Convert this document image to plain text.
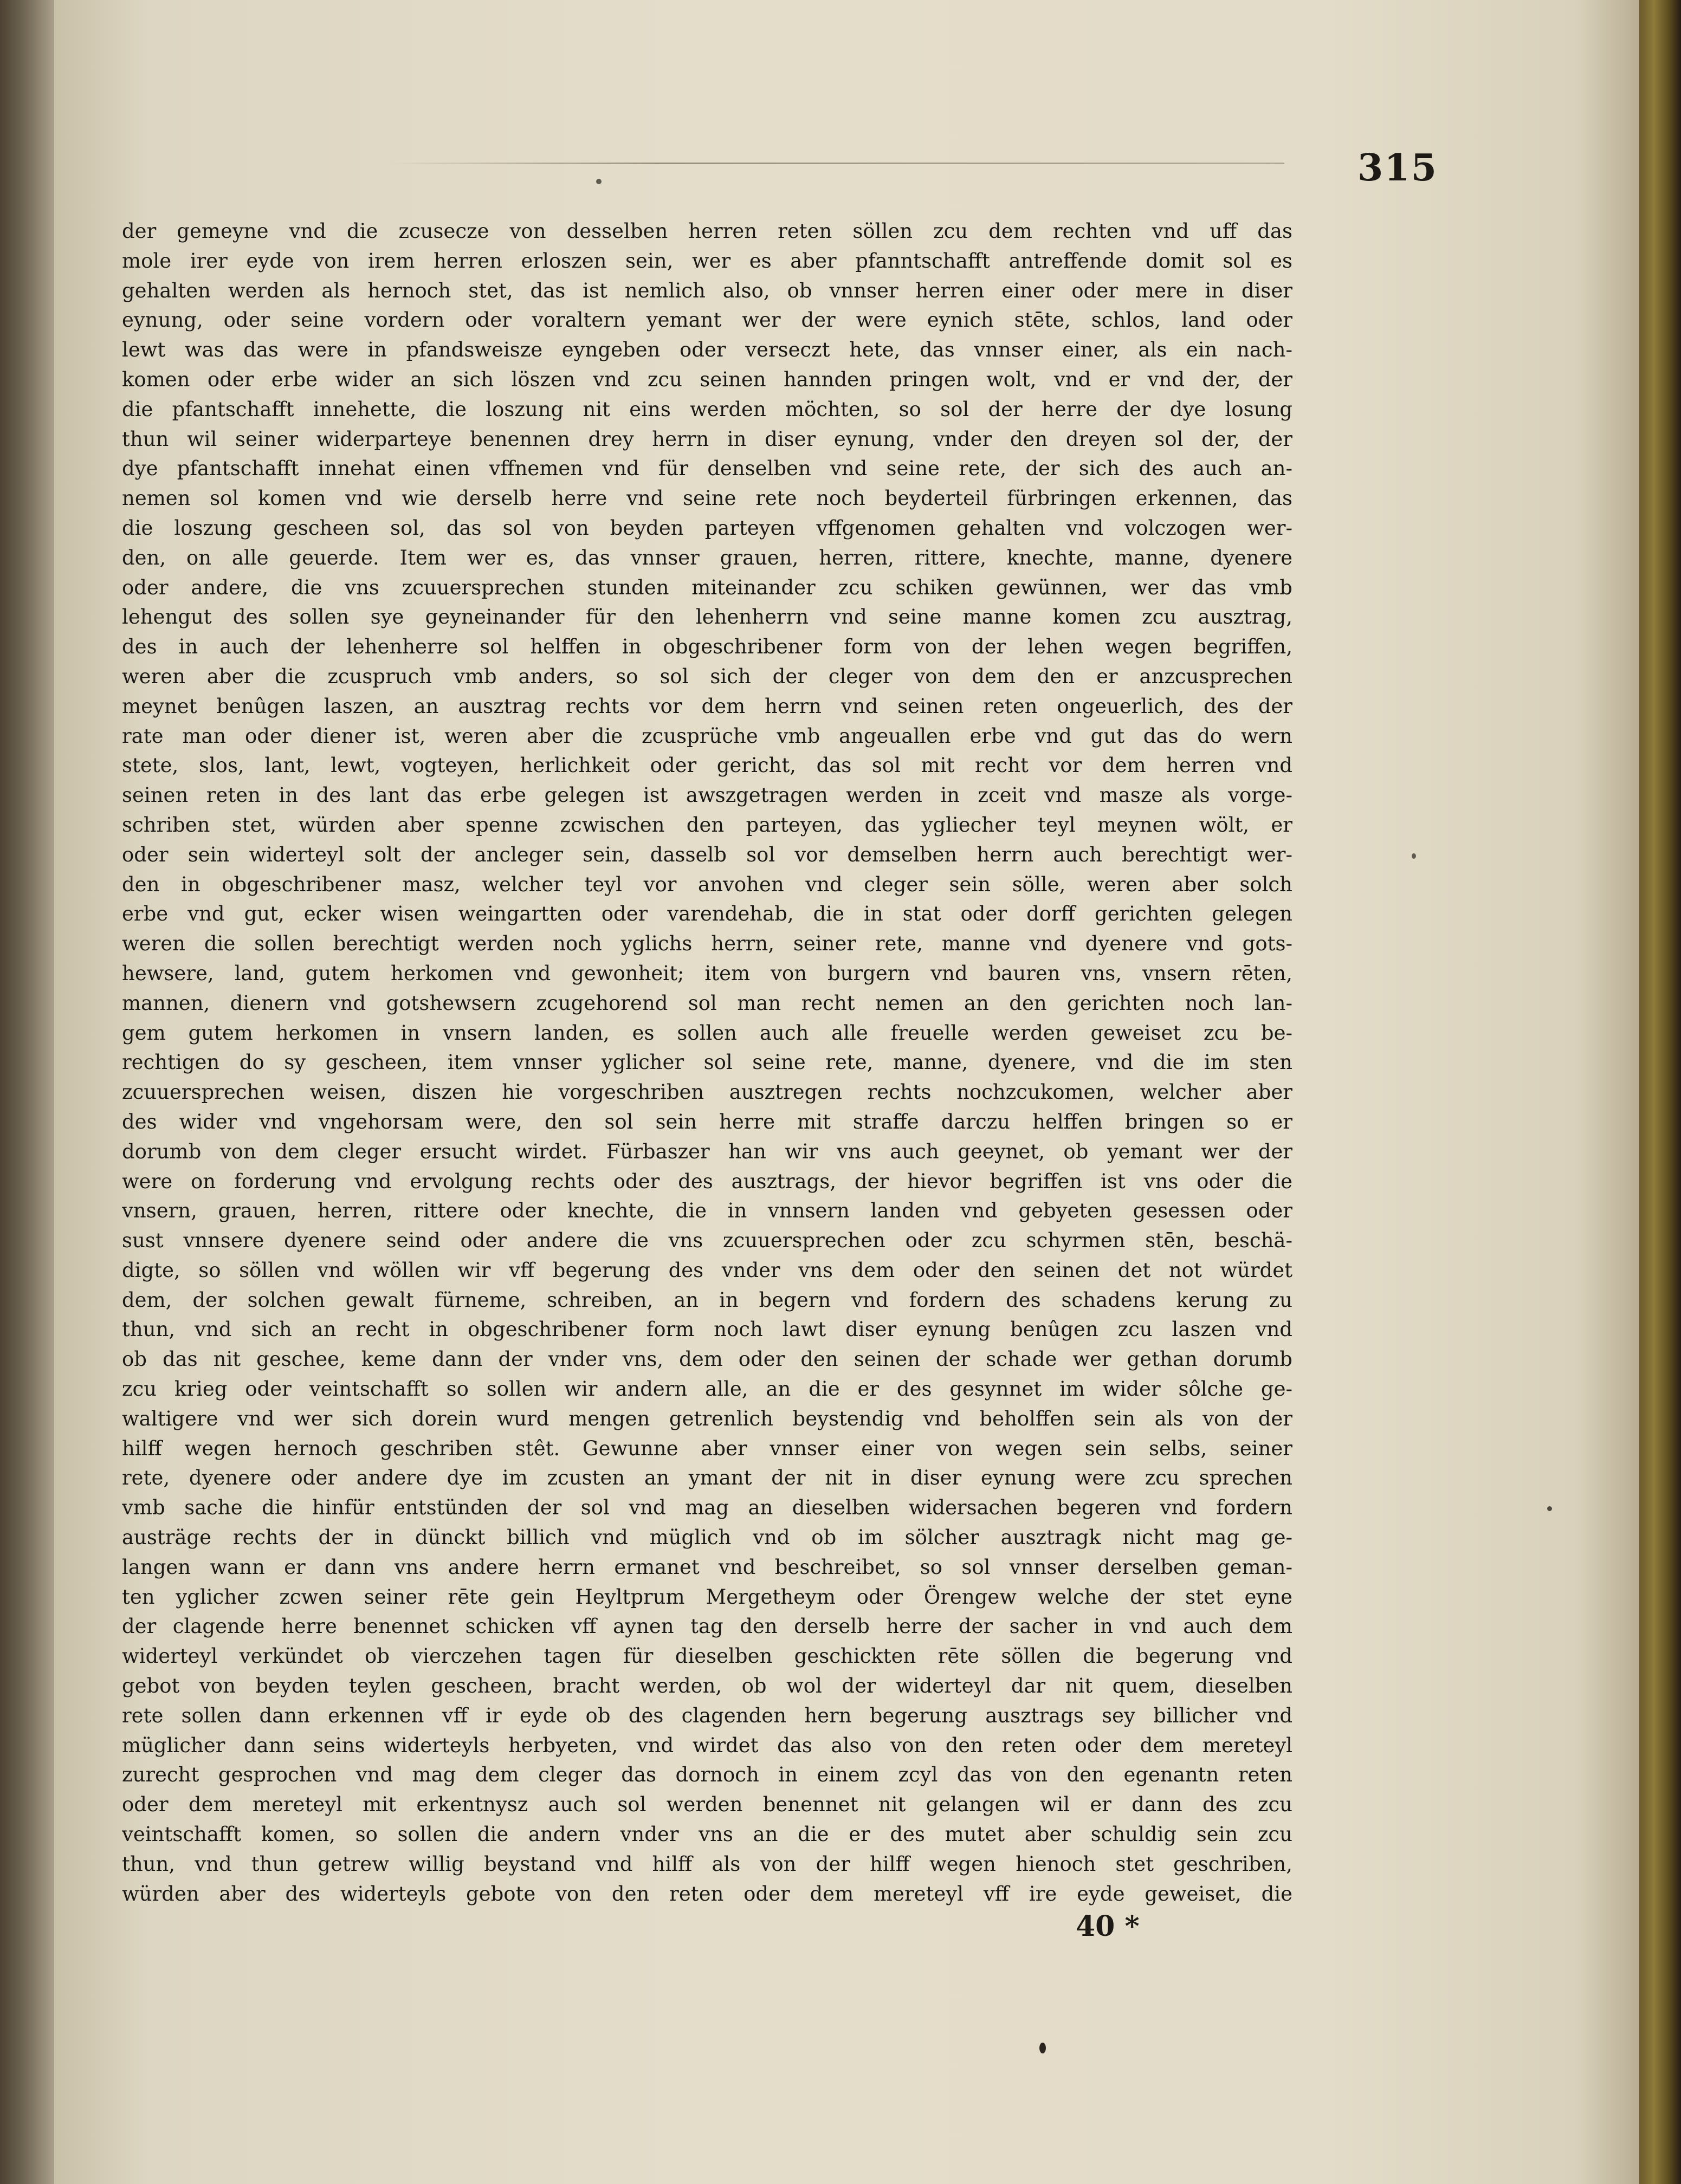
315
der gemeyne vnd die zcusecze von desselben herren reten söllen zcu dem rechten vnd uff das
mole irer eyde von irem herren erloszen sein, wer es aber pfanntschafft antreffende domit sol es
gehalten werden als hernoch stet, das ist nemlich also, ob vnnser herren einer oder mere in diser
eynung, oder seine vordern oder voraltern yemant wer der were eynich stēte, schlos, land oder
lewt was das were in pfandsweisze eyngeben oder verseczt hete, das vnnser einer, als ein nach-
komen oder erbe wider an sich löszen vnd zcu seinen hannden pringen wolt, vnd er vnd der, der
die pfantschafft innehette, die loszung nit eins werden möchten, so sol der herre der dye losung
thun wil seiner widerparteye benennen drey herrn in diser eynung, vnder den dreyen sol der, der
dye pfantschafft innehat einen vffnemen vnd für denselben vnd seine rete, der sich des auch an-
nemen sol komen vnd wie derselb herre vnd seine rete noch beyderteil fürbringen erkennen, das
die loszung gescheen sol, das sol von beyden parteyen vffgenomen gehalten vnd volczogen wer-
den, on alle geuerde. Item wer es, das vnnser grauen, herren, rittere, knechte, manne, dyenere
oder andere, die vns zcuuersprechen stunden miteinander zcu schiken gewünnen, wer das vmb
lehengut des sollen sye geyneinander für den lehenherrn vnd seine manne komen zcu ausztrag,
des in auch der lehenherre sol helffen in obgeschribener form von der lehen wegen begriffen,
weren aber die zcuspruch vmb anders, so sol sich der cleger von dem den er anzcusprechen
meynet benûgen laszen, an ausztrag rechts vor dem herrn vnd seinen reten ongeuerlich, des der
rate man oder diener ist, weren aber die zcusprüche vmb angeuallen erbe vnd gut das do wern
stete, slos, lant, lewt, vogteyen, herlichkeit oder gericht, das sol mit recht vor dem herren vnd
seinen reten in des lant das erbe gelegen ist awszgetragen werden in zceit vnd masze als vorge-
schriben stet, würden aber spenne zcwischen den parteyen, das ygliecher teyl meynen wölt, er
oder sein widerteyl solt der ancleger sein, dasselb sol vor demselben herrn auch berechtigt wer-
den in obgeschribener masz, welcher teyl vor anvohen vnd cleger sein sölle, weren aber solch
erbe vnd gut, ecker wisen weingartten oder varendehab, die in stat oder dorff gerichten gelegen
weren die sollen berechtigt werden noch yglichs herrn, seiner rete, manne vnd dyenere vnd gots-
hewsere, land, gutem herkomen vnd gewonheit; item von burgern vnd bauren vns, vnsern rēten,
mannen, dienern vnd gotshewsern zcugehorend sol man recht nemen an den gerichten noch lan-
gem gutem herkomen in vnsern landen, es sollen auch alle freuelle werden geweiset zcu be-
rechtigen do sy gescheen, item vnnser yglicher sol seine rete, manne, dyenere, vnd die im sten
zcuuersprechen weisen, diszen hie vorgeschriben ausztregen rechts nochzcukomen, welcher aber
des wider vnd vngehorsam were, den sol sein herre mit straffe darczu helffen bringen so er
dorumb von dem cleger ersucht wirdet. Fürbaszer han wir vns auch geeynet, ob yemant wer der
were on forderung vnd ervolgung rechts oder des ausztrags, der hievor begriffen ist vns oder die
vnsern, grauen, herren, rittere oder knechte, die in vnnsern landen vnd gebyeten gesessen oder
sust vnnsere dyenere seind oder andere die vns zcuuersprechen oder zcu schyrmen stēn, beschä-
digte, so söllen vnd wöllen wir vff begerung des vnder vns dem oder den seinen det not würdet
dem, der solchen gewalt fürneme, schreiben, an in begern vnd fordern des schadens kerung zu
thun, vnd sich an recht in obgeschribener form noch lawt diser eynung benûgen zcu laszen vnd
ob das nit geschee, keme dann der vnder vns, dem oder den seinen der schade wer gethan dorumb
zcu krieg oder veintschafft so sollen wir andern alle, an die er des gesynnet im wider sôlche ge-
waltigere vnd wer sich dorein wurd mengen getrenlich beystendig vnd beholffen sein als von der
hilff wegen hernoch geschriben stêt. Gewunne aber vnnser einer von wegen sein selbs, seiner
rete, dyenere oder andere dye im zcusten an ymant der nit in diser eynung were zcu sprechen
vmb sache die hinfür entstünden der sol vnd mag an dieselben widersachen begeren vnd fordern
austräge rechts der in dünckt billich vnd müglich vnd ob im sölcher ausztragk nicht mag ge-
langen wann er dann vns andere herrn ermanet vnd beschreibet, so sol vnnser derselben geman-
ten yglicher zcwen seiner rēte gein Heyltprum Mergetheym oder Örengew welche der stet eyne
der clagende herre benennet schicken vff aynen tag den derselb herre der sacher in vnd auch dem
widerteyl verkündet ob vierczehen tagen für dieselben geschickten rēte söllen die begerung vnd
gebot von beyden teylen gescheen, bracht werden, ob wol der widerteyl dar nit quem, dieselben
rete sollen dann erkennen vff ir eyde ob des clagenden hern begerung ausztrags sey billicher vnd
müglicher dann seins widerteyls herbyeten, vnd wirdet das also von den reten oder dem mereteyl
zurecht gesprochen vnd mag dem cleger das dornoch in einem zcyl das von den egenantn reten
oder dem mereteyl mit erkentnysz auch sol werden benennet nit gelangen wil er dann des zcu
veintschafft komen, so sollen die andern vnder vns an die er des mutet aber schuldig sein zcu
thun, vnd thun getrew willig beystand vnd hilff als von der hilff wegen hienoch stet geschriben,
würden aber des widerteyls gebote von den reten oder dem mereteyl vff ire eyde geweiset, die
40 *
